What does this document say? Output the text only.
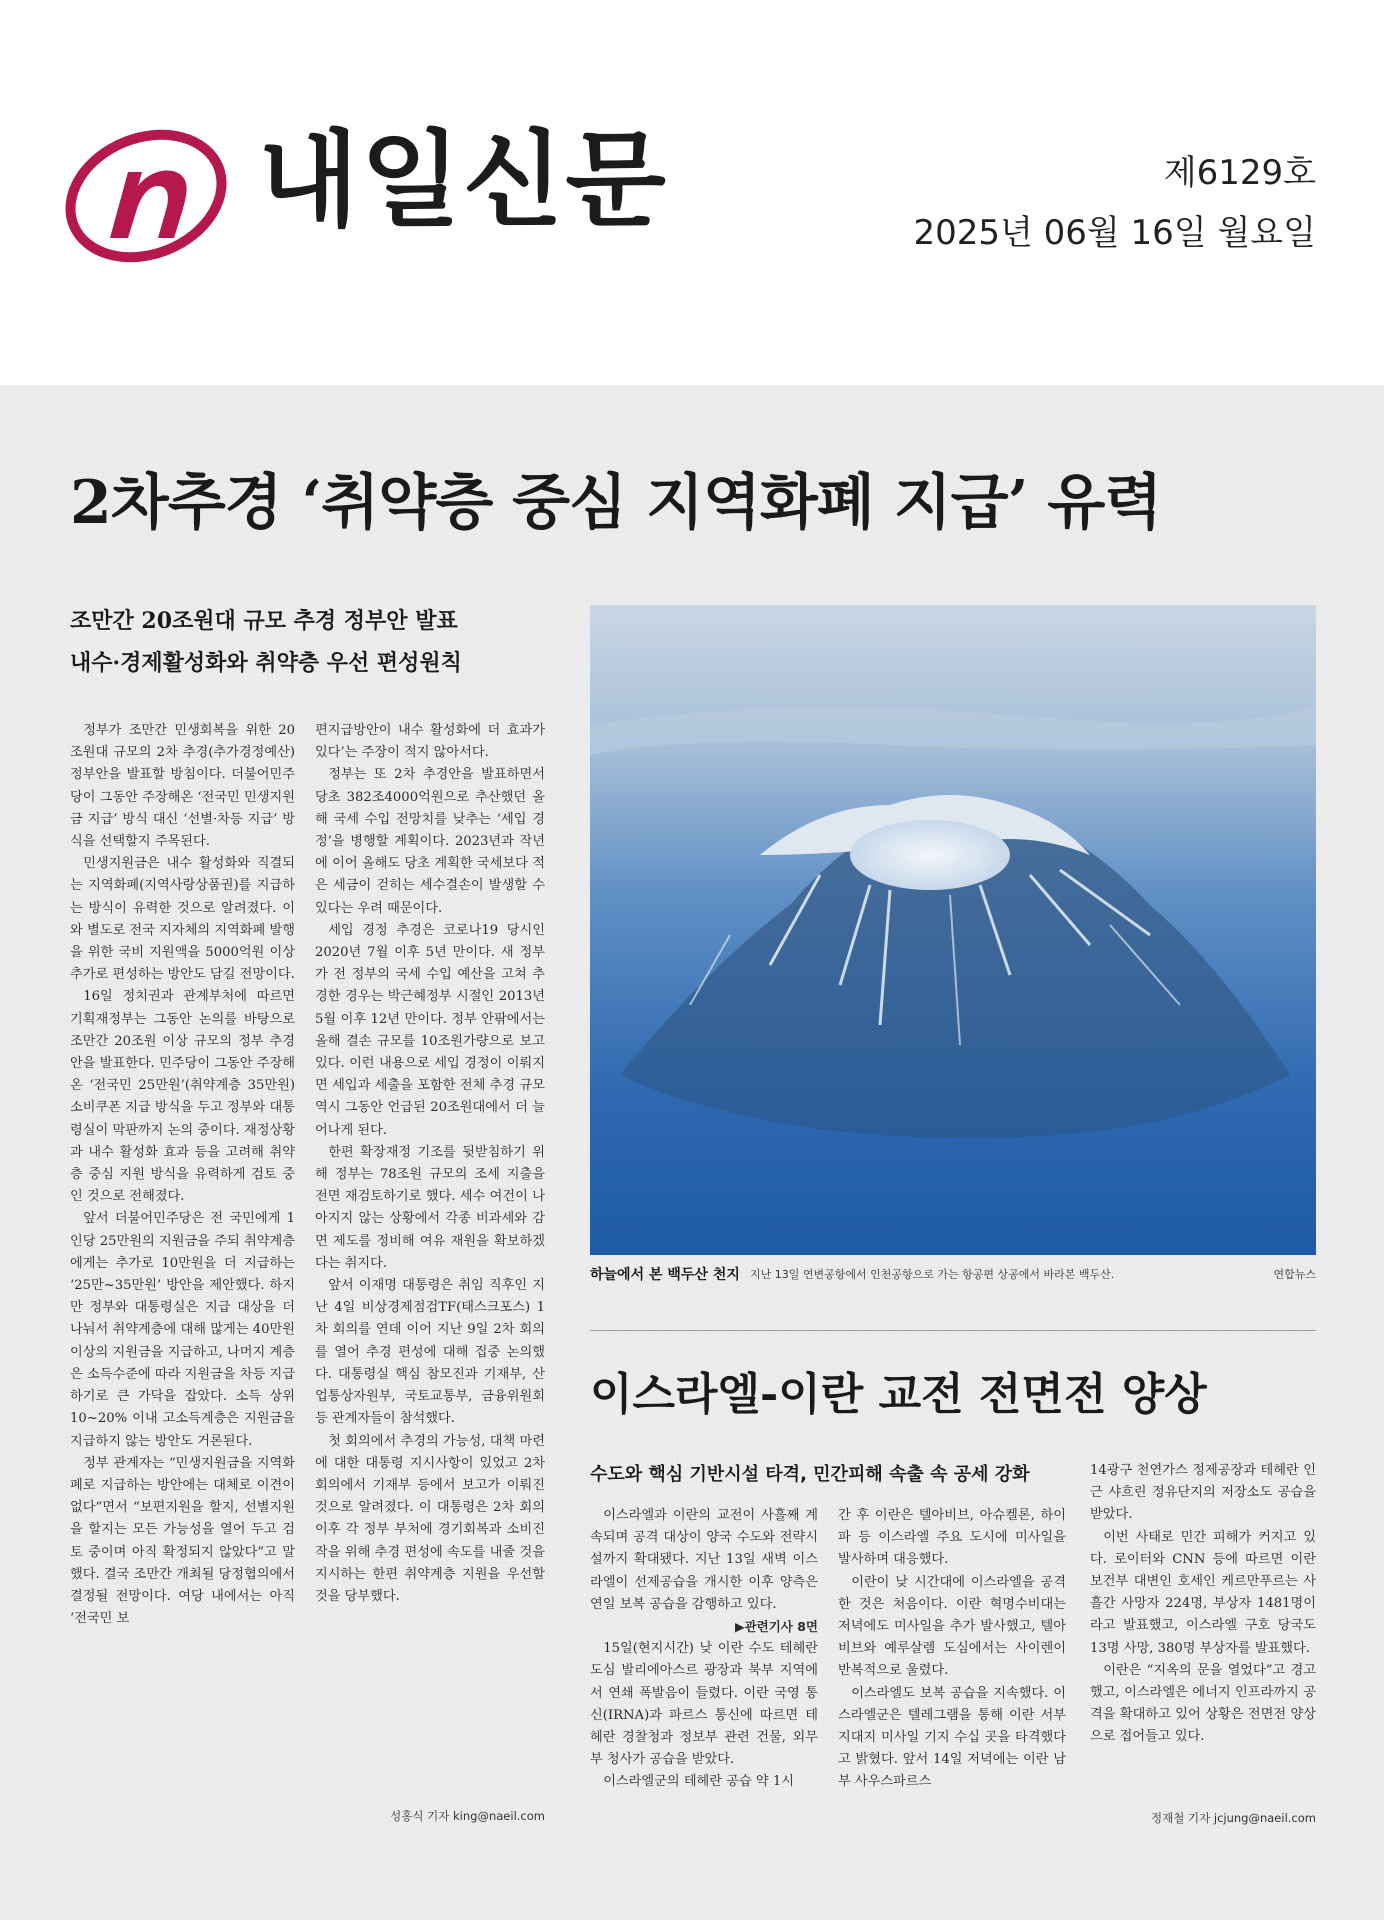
내일신문	제6129호
2025년 06월 16일 월요일
2차추경 ‘취약층 중심 지역화폐 지급’ 유력
조만간 20조원대 규모 추경 정부안 발표
내수·경제활성화와 취약층 우선 편성원칙

정부가 조만간 민생회복을 위한 20조원대 규모의 2차 추경(추가경정예산) 정부안을 발표할 방침이다. 더불어민주당이 그동안 주장해온 ‘전국민 민생지원금 지급’ 방식 대신 ‘선별·차등 지급’ 방식을 선택할지 주목된다.

민생지원금은 내수 활성화와 직결되는 지역화폐(지역사랑상품권)를 지급하는 방식이 유력한 것으로 알려졌다. 이와 별도로 전국 지자체의 지역화폐 발행을 위한 국비 지원액을 5000억원 이상 추가로 편성하는 방안도 담길 전망이다.

16일 정치권과 관계부처에 따르면 기획재정부는 그동안 논의를 바탕으로 조만간 20조원 이상 규모의 정부 추경안을 발표한다. 민주당이 그동안 주장해온 ‘전국민 25만원’(취약계층 35만원) 소비쿠폰 지급 방식을 두고 정부와 대통령실이 막판까지 논의 중이다. 재정상황과 내수 활성화 효과 등을 고려해 취약층 중심 지원 방식을 유력하게 검토 중인 것으로 전해졌다.

앞서 더불어민주당은 전 국민에게 1인당 25만원의 지원금을 주되 취약계층에게는 추가로 10만원을 더 지급하는 ‘25만~35만원’ 방안을 제안했다. 하지만 정부와 대통령실은 지급 대상을 더 나눠서 취약계층에 대해 많게는 40만원 이상의 지원금을 지급하고, 나머지 계층은 소득수준에 따라 지원금을 차등 지급하기로 큰 가닥을 잡았다. 소득 상위 10~20% 이내 고소득계층은 지원금을 지급하지 않는 방안도 거론된다.

정부 관계자는 “민생지원금을 지역화폐로 지급하는 방안에는 대체로 이견이 없다”면서 “보편지원을 할지, 선별지원을 할지는 모든 가능성을 열어 두고 검토 중이며 아직 확정되지 않았다”고 말했다. 결국 조만간 개최될 당정협의에서 결정될 전망이다. 여당 내에서는 아직 ‘전국민 보

편지급방안이 내수 활성화에 더 효과가 있다’는 주장이 적지 않아서다.

정부는 또 2차 추경안을 발표하면서 당초 382조4000억원으로 추산했던 올해 국세 수입 전망치를 낮추는 ‘세입 경정’을 병행할 계획이다. 2023년과 작년에 이어 올해도 당초 계획한 국세보다 적은 세금이 걷히는 세수결손이 발생할 수 있다는 우려 때문이다.

세입 경정 추경은 코로나19 당시인 2020년 7월 이후 5년 만이다. 새 정부가 전 정부의 국세 수입 예산을 고쳐 추경한 경우는 박근혜정부 시절인 2013년 5월 이후 12년 만이다. 정부 안팎에서는 올해 결손 규모를 10조원가량으로 보고 있다. 이런 내용으로 세입 경정이 이뤄지면 세입과 세출을 포함한 전체 추경 규모 역시 그동안 언급된 20조원대에서 더 늘어나게 된다.

한편 확장재정 기조를 뒷받침하기 위해 정부는 78조원 규모의 조세 지출을 전면 재검토하기로 했다. 세수 여건이 나아지지 않는 상황에서 각종 비과세와 감면 제도를 정비해 여유 재원을 확보하겠다는 취지다.

앞서 이재명 대통령은 취임 직후인 지난 4일 비상경제점검TF(태스크포스) 1차 회의를 연데 이어 지난 9일 2차 회의를 열어 추경 편성에 대해 집중 논의했다. 대통령실 핵심 참모진과 기재부, 산업통상자원부, 국토교통부, 금융위원회 등 관계자들이 참석했다.

첫 회의에서 추경의 가능성, 대책 마련에 대한 대통령 지시사항이 있었고 2차 회의에서 기재부 등에서 보고가 이뤄진 것으로 알려졌다. 이 대통령은 2차 회의 이후 각 정부 부처에 경기회복과 소비진작을 위해 추경 편성에 속도를 내줄 것을 지시하는 한편 취약계층 지원을 우선할 것을 당부했다.

성홍식 기자 king@naeil.com
하늘에서 본 백두산 천지 지난 13일 연변공항에서 인천공항으로 가는 항공편 상공에서 바라본 백두산.	연합뉴스
이스라엘-이란 교전 전면전 양상
수도와 핵심 기반시설 타격, 민간피해 속출 속 공세 강화

이스라엘과 이란의 교전이 사흘째 계속되며 공격 대상이 양국 수도와 전략시설까지 확대됐다. 지난 13일 새벽 이스라엘이 선제공습을 개시한 이후 양측은 연일 보복 공습을 감행하고 있다.

▶관련기사 8면

15일(현지시간) 낮 이란 수도 테헤란 도심 발리에아스르 광장과 북부 지역에서 연쇄 폭발음이 들렸다. 이란 국영 통신(IRNA)과 파르스 통신에 따르면 테헤란 경찰청과 정보부 관련 건물, 외무부 청사가 공습을 받았다.

이스라엘군의 테헤란 공습 약 1시

간 후 이란은 텔아비브, 아슈켈론, 하이파 등 이스라엘 주요 도시에 미사일을 발사하며 대응했다.

이란이 낮 시간대에 이스라엘을 공격한 것은 처음이다. 이란 혁명수비대는 저녁에도 미사일을 추가 발사했고, 텔아비브와 예루살렘 도심에서는 사이렌이 반복적으로 울렸다.

이스라엘도 보복 공습을 지속했다. 이스라엘군은 텔레그램을 통해 이란 서부 지대지 미사일 기지 수십 곳을 타격했다고 밝혔다. 앞서 14일 저녁에는 이란 남부 사우스파르스

14광구 천연가스 정제공장과 테헤란 인근 샤흐린 정유단지의 저장소도 공습을 받았다.

이번 사태로 민간 피해가 커지고 있다. 로이터와 CNN 등에 따르면 이란 보건부 대변인 호세인 케르만푸르는 사흘간 사망자 224명, 부상자 1481명이라고 발표했고, 이스라엘 구호 당국도 13명 사망, 380명 부상자를 발표했다.

이란은 “지옥의 문을 열었다”고 경고했고, 이스라엘은 에너지 인프라까지 공격을 확대하고 있어 상황은 전면전 양상으로 접어들고 있다.

정재철 기자 jcjung@naeil.com
